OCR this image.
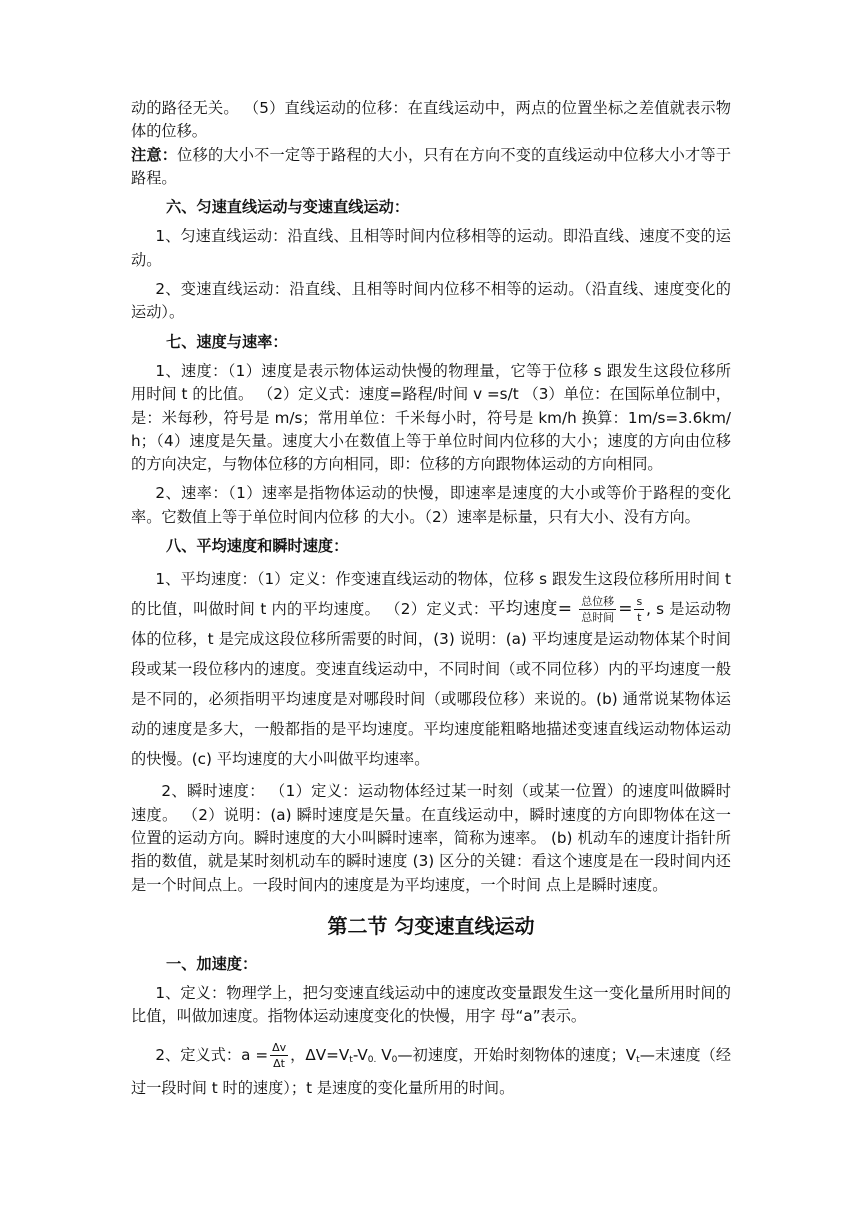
动的路径无关。 （5）直线运动的位移：在直线运动中，两点的位置坐标之差值就表示物体的位移。

注意：位移的大小不一定等于路程的大小，只有在方向不变的直线运动中位移大小才等于路程。

六、匀速直线运动与变速直线运动：

1、匀速直线运动：沿直线、且相等时间内位移相等的运动。即沿直线、速度不变的运动。

2、变速直线运动：沿直线、且相等时间内位移不相等的运动。（沿直线、速度变化的运动）。

七、速度与速率：

1、速度：（1）速度是表示物体运动快慢的物理量，它等于位移 s 跟发生这段位移所用时间 t 的比值。 （2）定义式：速度=路程/时间 v =s/t （3）单位：在国际单位制中，是：米每秒，符号是 m/s；常用单位：千米每小时，符号是 km/h 换算：1m/s=3.6km/h；（4）速度是矢量。速度大小在数值上等于单位时间内位移的大小；速度的方向由位移的方向决定，与物体位移的方向相同，即：位移的方向跟物体运动的方向相同。

2、速率：（1）速率是指物体运动的快慢，即速率是速度的大小或等价于路程的变化率。它数值上等于单位时间内位移 的大小。（2）速率是标量，只有大小、没有方向。

八、平均速度和瞬时速度：

1、平均速度：（1）定义：作变速直线运动的物体，位移 s 跟发生这段位移所用时间 t 的比值，叫做时间 t 内的平均速度。 （2）定义式：平均速度= $\frac{\text{总位移}}{\text{总时间}} = \frac{s}{t}$ , s 是运动物体的位移，t 是完成这段位移所需要的时间，(3) 说明：(a) 平均速度是运动物体某个时间段或某一段位移内的速度。变速直线运动中，不同时间（或不同位移）内的平均速度一般是不同的，必须指明平均速度是对哪段时间（或哪段位移）来说的。(b) 通常说某物体运动的速度是多大，一般都指的是平均速度。平均速度能粗略地描述变速直线运动物体运动的快慢。(c) 平均速度的大小叫做平均速率。

2、瞬时速度： （1）定义：运动物体经过某一时刻（或某一位置）的速度叫做瞬时速度。 （2）说明：(a) 瞬时速度是矢量。在直线运动中，瞬时速度的方向即物体在这一位置的运动方向。瞬时速度的大小叫瞬时速率，简称为速率。 (b) 机动车的速度计指针所指的数值，就是某时刻机动车的瞬时速度 (3) 区分的关键：看这个速度是在一段时间内还是一个时间点上。一段时间内的速度是为平均速度，一个时间 点上是瞬时速度。

第二节 匀变速直线运动

一、加速度：

1、定义：物理学上，把匀变速直线运动中的速度改变量跟发生这一变化量所用时间的比值，叫做加速度。指物体运动速度变化的快慢，用字 母“a”表示。

2、定义式：$a = \frac{\Delta v}{\Delta t}$ ，$\Delta V=V_t-V_{0.}$ $V_0—$初速度，开始时刻物体的速度；$V_t—$末速度（经过一段时间 t 时的速度）；t 是速度的变化量所用的时间。
